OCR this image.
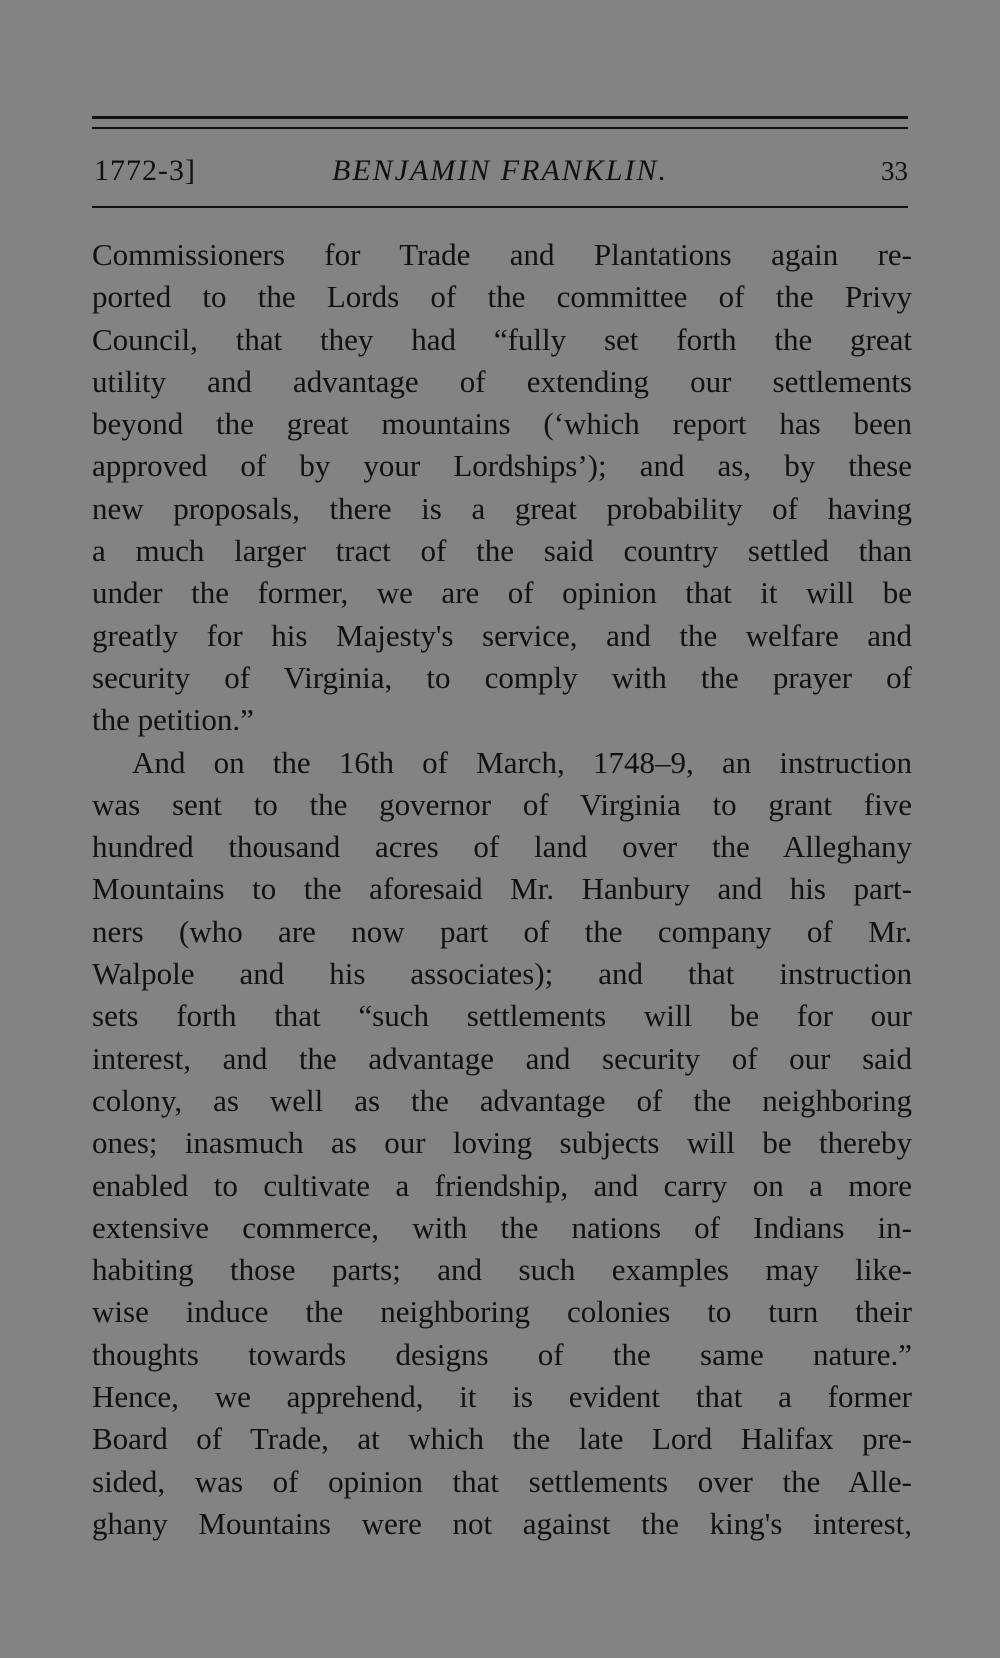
1772-3]	BENJAMIN FRANKLIN.	33
Commissioners for Trade and Plantations again re-
ported to the Lords of the committee of the Privy
Council, that they had “fully set forth the great
utility and advantage of extending our settlements
beyond the great mountains (‘which report has been
approved of by your Lordships’); and as, by these
new proposals, there is a great probability of having
a much larger tract of the said country settled than
under the former, we are of opinion that it will be
greatly for his Majesty's service, and the welfare and
security of Virginia, to comply with the prayer of
the petition.”
And on the 16th of March, 1748–9, an instruction
was sent to the governor of Virginia to grant five
hundred thousand acres of land over the Alleghany
Mountains to the aforesaid Mr. Hanbury and his part-
ners (who are now part of the company of Mr.
Walpole and his associates); and that instruction
sets forth that “such settlements will be for our
interest, and the advantage and security of our said
colony, as well as the advantage of the neighboring
ones; inasmuch as our loving subjects will be thereby
enabled to cultivate a friendship, and carry on a more
extensive commerce, with the nations of Indians in-
habiting those parts; and such examples may like-
wise induce the neighboring colonies to turn their
thoughts towards designs of the same nature.”
Hence, we apprehend, it is evident that a former
Board of Trade, at which the late Lord Halifax pre-
sided, was of opinion that settlements over the Alle-
ghany Mountains were not against the king's interest,
